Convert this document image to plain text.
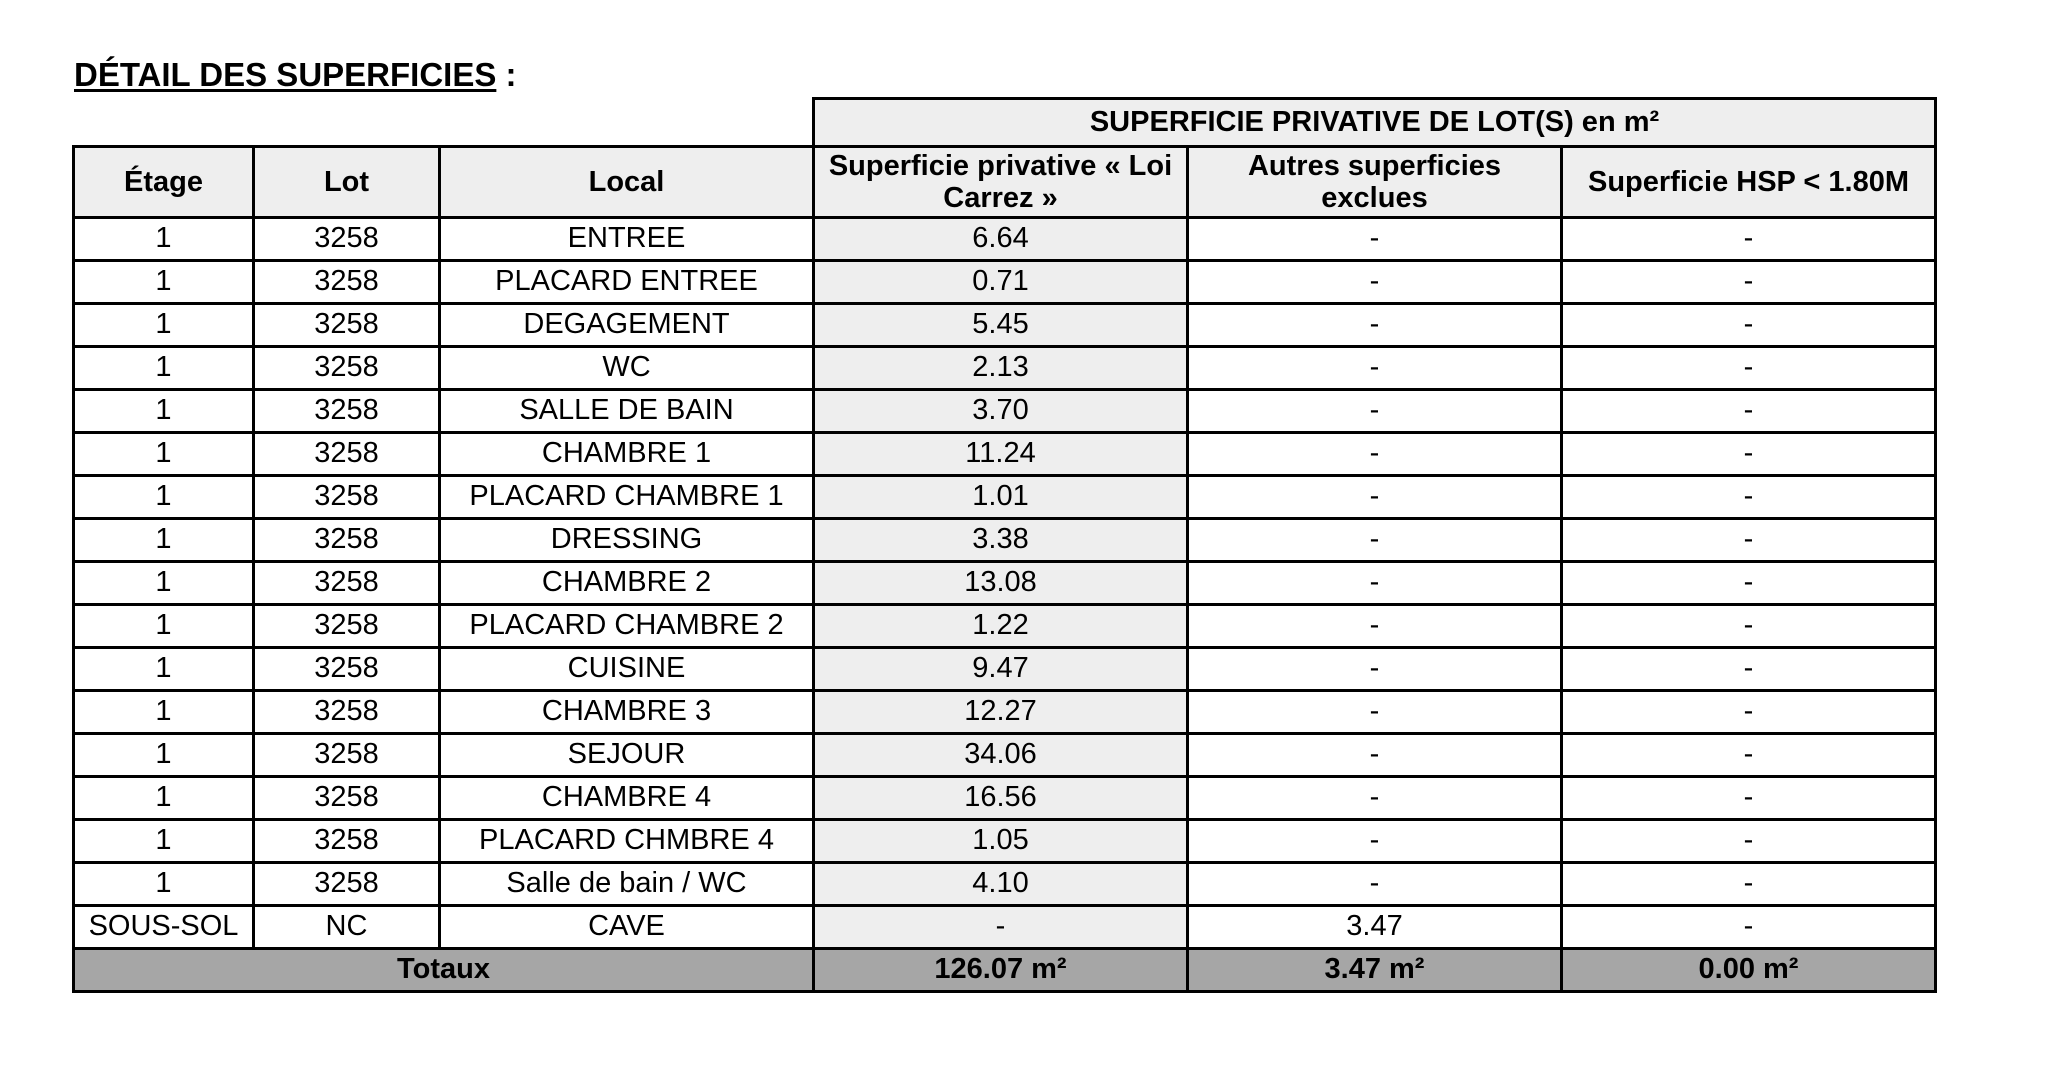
DÉTAIL DES SUPERFICIES :
			SUPERFICIE PRIVATIVE DE LOT(S) en m²		
Étage	Lot	Local	Superficie privative « Loi Carrez »	Autres superficies exclues	Superficie HSP < 1.80M
1	3258	ENTREE	6.64	-	-
1	3258	PLACARD ENTREE	0.71	-	-
1	3258	DEGAGEMENT	5.45	-	-
1	3258	WC	2.13	-	-
1	3258	SALLE DE BAIN	3.70	-	-
1	3258	CHAMBRE 1	11.24	-	-
1	3258	PLACARD CHAMBRE 1	1.01	-	-
1	3258	DRESSING	3.38	-	-
1	3258	CHAMBRE 2	13.08	-	-
1	3258	PLACARD CHAMBRE 2	1.22	-	-
1	3258	CUISINE	9.47	-	-
1	3258	CHAMBRE 3	12.27	-	-
1	3258	SEJOUR	34.06	-	-
1	3258	CHAMBRE 4	16.56	-	-
1	3258	PLACARD CHMBRE 4	1.05	-	-
1	3258	Salle de bain / WC	4.10	-	-
SOUS-SOL	NC	CAVE	-	3.47	-
Totaux			126.07 m²	3.47 m²	0.00 m²
